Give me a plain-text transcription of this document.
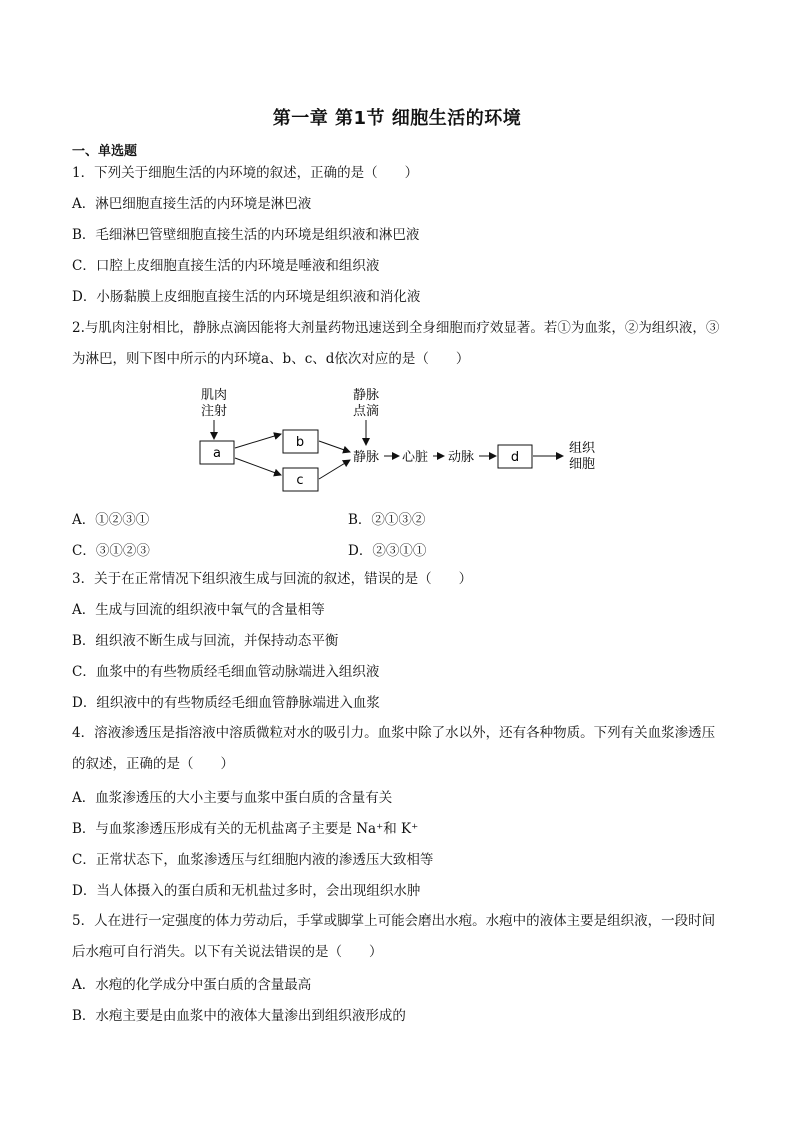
第一章 第1节 细胞生活的环境
一、单选题
1．下列关于细胞生活的内环境的叙述，正确的是（　　）
A．淋巴细胞直接生活的内环境是淋巴液
B．毛细淋巴管壁细胞直接生活的内环境是组织液和淋巴液
C．口腔上皮细胞直接生活的内环境是唾液和组织液
D．小肠黏膜上皮细胞直接生活的内环境是组织液和消化液
2.与肌肉注射相比，静脉点滴因能将大剂量药物迅速送到全身细胞而疗效显著。若①为血浆，②为组织液，③为淋巴，则下图中所示的内环境a、b、c、d依次对应的是（　　）
肌肉
注射
a
b
c
静脉
点滴
静脉 心脏 动脉	d
组织
细胞
A．①②③①	B．②①③②
C．③①②③	D．②③①①
3．关于在正常情况下组织液生成与回流的叙述，错误的是（　　）
A．生成与回流的组织液中氧气的含量相等
B．组织液不断生成与回流，并保持动态平衡
C．血浆中的有些物质经毛细血管动脉端进入组织液
D．组织液中的有些物质经毛细血管静脉端进入血浆
4．溶液渗透压是指溶液中溶质微粒对水的吸引力。血浆中除了水以外，还有各种物质。下列有关血浆渗透压的叙述，正确的是（　　）
A．血浆渗透压的大小主要与血浆中蛋白质的含量有关
B．与血浆渗透压形成有关的无机盐离子主要是 Na⁺和 K⁺
C．正常状态下，血浆渗透压与红细胞内液的渗透压大致相等
D．当人体摄入的蛋白质和无机盐过多时，会出现组织水肿
5．人在进行一定强度的体力劳动后，手掌或脚掌上可能会磨出水疱。水疱中的液体主要是组织液，一段时间后水疱可自行消失。以下有关说法错误的是（　　）
A．水疱的化学成分中蛋白质的含量最高
B．水疱主要是由血浆中的液体大量渗出到组织液形成的
